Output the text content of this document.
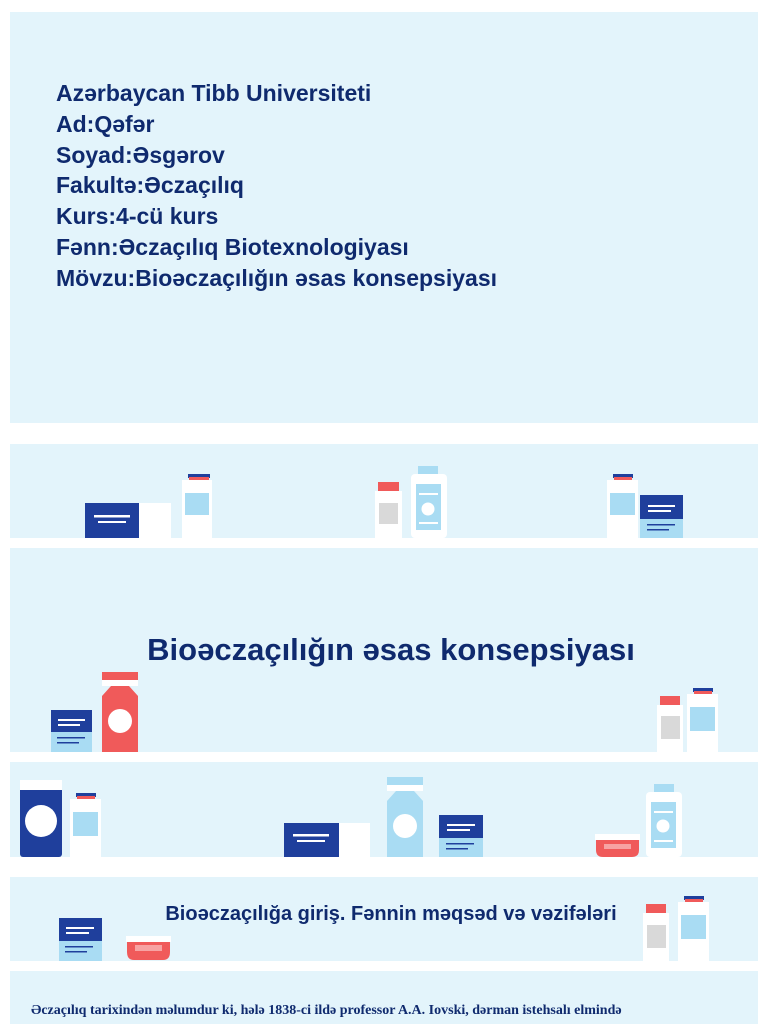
Azərbaycan Tibb Universiteti
Ad:Qəfər
Soyad:Əsgərov
Fakultə:Əczaçılıq
Kurs:4-cü kurs
Fənn:Əczaçılıq Biotexnologiyası
Mövzu:Bioəczaçılığın əsas konsepsiyası
Bioəczaçılığın əsas konsepsiyası
Bioəczaçılığa giriş. Fənnin məqsəd və vəzifələri
Əczaçılıq tarixindən məlumdur ki, hələ 1838-ci ildə professor A.A. Iovski, dərman istehsalı elmində
